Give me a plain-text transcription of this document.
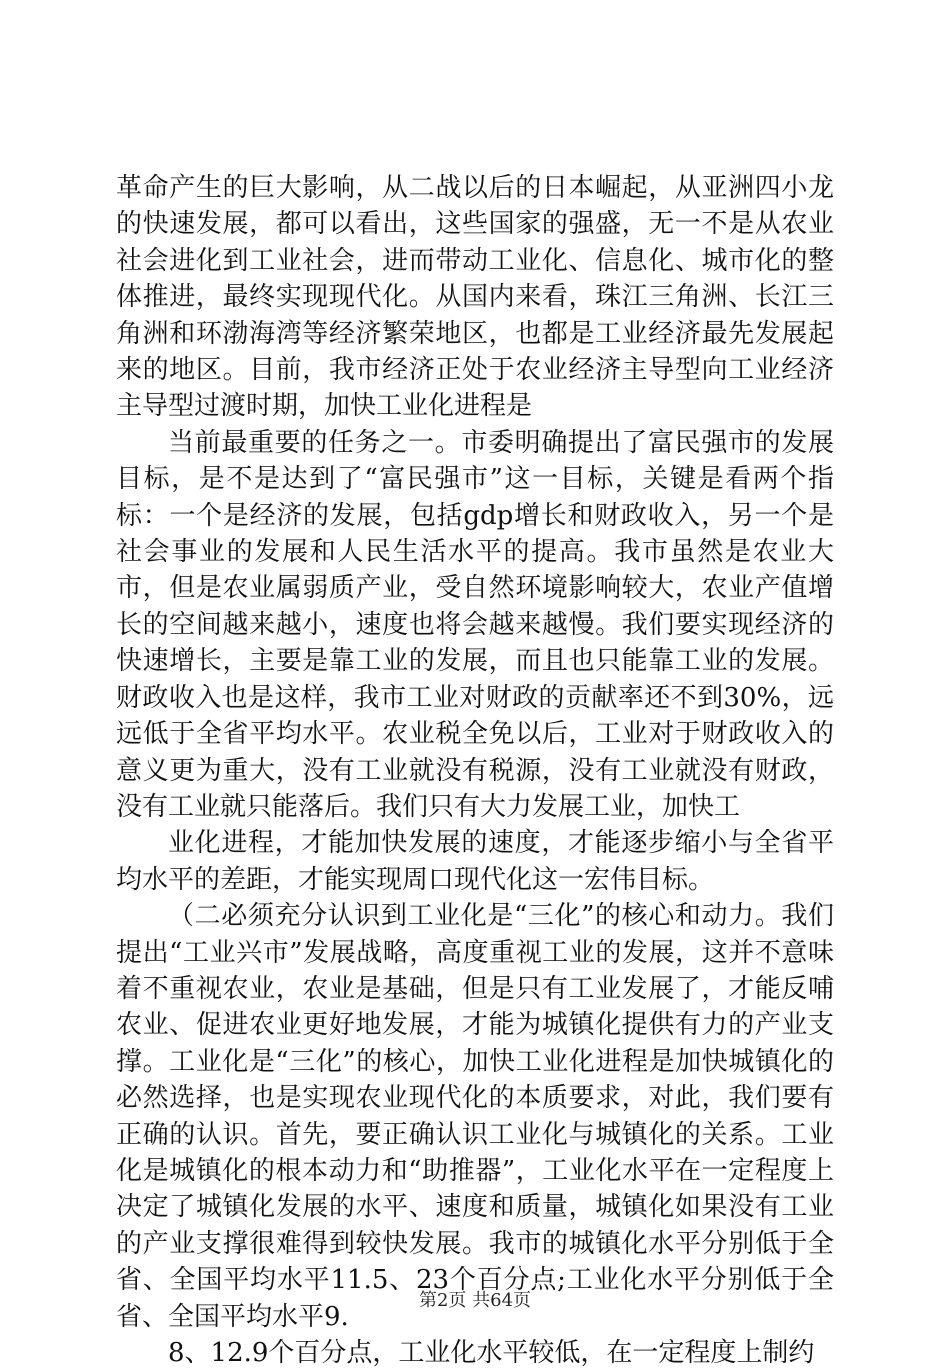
革命产生的巨大影响，从二战以后的日本崛起，从亚洲四小龙的快速发展，都可以看出，这些国家的强盛，无一不是从农业社会进化到工业社会，进而带动工业化、信息化、城市化的整体推进，最终实现现代化。从国内来看，珠江三角洲、长江三角洲和环渤海湾等经济繁荣地区，也都是工业经济最先发展起来的地区。目前，我市经济正处于农业经济主导型向工业经济主导型过渡时期，加快工业化进程是

当前最重要的任务之一。市委明确提出了富民强市的发展目标，是不是达到了“富民强市”这一目标，关键是看两个指标：一个是经济的发展，包括gdp增长和财政收入，另一个是社会事业的发展和人民生活水平的提高。我市虽然是农业大市，但是农业属弱质产业，受自然环境影响较大，农业产值增长的空间越来越小，速度也将会越来越慢。我们要实现经济的快速增长，主要是靠工业的发展，而且也只能靠工业的发展。财政收入也是这样，我市工业对财政的贡献率还不到30%，远远低于全省平均水平。农业税全免以后，工业对于财政收入的意义更为重大，没有工业就没有税源，没有工业就没有财政，没有工业就只能落后。我们只有大力发展工业，加快工

业化进程，才能加快发展的速度，才能逐步缩小与全省平均水平的差距，才能实现周口现代化这一宏伟目标。

（二必须充分认识到工业化是“三化”的核心和动力。我们提出“工业兴市”发展战略，高度重视工业的发展，这并不意味着不重视农业，农业是基础，但是只有工业发展了，才能反哺农业、促进农业更好地发展，才能为城镇化提供有力的产业支撑。工业化是“三化”的核心，加快工业化进程是加快城镇化的必然选择，也是实现农业现代化的本质要求，对此，我们要有正确的认识。首先，要正确认识工业化与城镇化的关系。工业化是城镇化的根本动力和“助推器”，工业化水平在一定程度上决定了城镇化发展的水平、速度和质量，城镇化如果没有工业的产业支撑很难得到较快发展。我市的城镇化水平分别低于全省、全国平均水平11.5、23个百分点;工业化水平分别低于全省、全国平均水平9.

8、12.9个百分点，工业化水平较低，在一定程度上制约

第2页 共64页
